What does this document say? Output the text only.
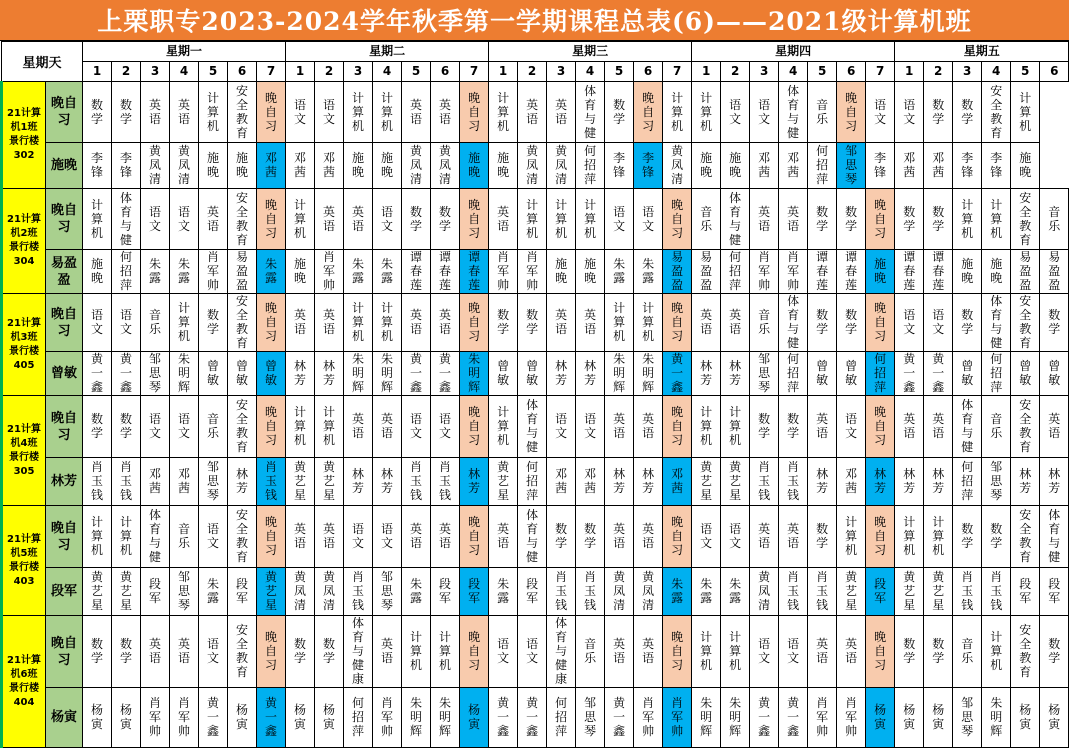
上栗职专2023-2024学年秋季第一学期课程总表(6)——2021级计算机班
星期天		星期一							星期二							星期三							星期四							星期五					
		1	2	3	4	5	6	7	1	2	3	4	5	6	7	1	2	3	4	5	6	7	1	2	3	4	5	6	7	1	2	3	4	5	6

21计算机1班
景行楼302	晚自习	数学	数学	英语	英语	计算机	安全教育	晚自习	语文	语文	计算机	计算机	英语	英语	晚自习	计算机	英语	英语	体育与健	数学	晚自习	计算机	计算机	语文	语文	体育与健	音乐	晚自习	语文	语文	数学	数学	安全教育	计算机	
	施晚	李锋	李锋	黄凤清	黄凤清	施晚	施晚	邓茜	邓茜	邓茜	施晚	施晚	黄凤清	黄凤清	施晚	施晚	黄凤清	黄凤清	何招萍	李锋	李锋	黄凤清	施晚	施晚	邓茜	邓茜	何招萍	邹思琴	李锋	邓茜	邓茜	李锋	李锋	施晚	

21计算机2班
景行楼304	晚自习	计算机	体育与健	语文	语文	英语	安全教育	晚自习	计算机	英语	英语	语文	数学	数学	晚自习	英语	计算机	计算机	计算机	语文	语文	晚自习	音乐	体育与健	英语	英语	数学	数学	晚自习	数学	数学	计算机	计算机	安全教育	音乐
	易盈盈	施晚	何招萍	朱露	朱露	肖军帅	易盈盈	朱露	施晚	肖军帅	朱露	朱露	谭春莲	谭春莲	谭春莲	肖军帅	肖军帅	施晚	施晚	朱露	朱露	易盈盈	易盈盈	何招萍	肖军帅	肖军帅	谭春莲	谭春莲	施晚	谭春莲	谭春莲	施晚	施晚	易盈盈	易盈盈

21计算机3班
景行楼405	晚自习	语文	语文	音乐	计算机	数学	安全教育	晚自习	英语	英语	计算机	计算机	英语	英语	晚自习	数学	数学	英语	英语	计算机	计算机	晚自习	英语	英语	音乐	体育与健	数学	数学	晚自习	语文	语文	数学	体育与健	安全教育	数学
	曾敏	黄一鑫	黄一鑫	邹思琴	朱明辉	曾敏	曾敏	曾敏	林芳	林芳	朱明辉	朱明辉	黄一鑫	黄一鑫	朱明辉	曾敏	曾敏	林芳	林芳	朱明辉	朱明辉	黄一鑫	林芳	林芳	邹思琴	何招萍	曾敏	曾敏	何招萍	黄一鑫	黄一鑫	曾敏	何招萍	曾敏	曾敏

21计算机4班
景行楼305	晚自习	数学	数学	语文	语文	音乐	安全教育	晚自习	计算机	计算机	英语	英语	语文	语文	晚自习	计算机	体育与健	语文	语文	英语	英语	晚自习	计算机	计算机	数学	数学	英语	语文	晚自习	英语	英语	体育与健	音乐	安全教育	英语
	林芳	肖玉钱	肖玉钱	邓茜	邓茜	邹思琴	林芳	肖玉钱	黄艺星	黄艺星	林芳	林芳	肖玉钱	肖玉钱	林芳	黄艺星	何招萍	邓茜	邓茜	林芳	林芳	邓茜	黄艺星	黄艺星	肖玉钱	肖玉钱	林芳	邓茜	林芳	林芳	林芳	何招萍	邹思琴	林芳	林芳

21计算机5班
景行楼403	晚自习	计算机	计算机	体育与健	音乐	语文	安全教育	晚自习	英语	英语	语文	语文	英语	英语	晚自习	英语	体育与健	数学	数学	英语	英语	晚自习	语文	语文	英语	英语	数学	计算机	晚自习	计算机	计算机	数学	数学	安全教育	体育与健
	段军	黄艺星	黄艺星	段军	邹思琴	朱露	段军	黄艺星	黄凤清	黄凤清	肖玉钱	邹思琴	朱露	段军	段军	朱露	段军	肖玉钱	肖玉钱	黄凤清	黄凤清	朱露	朱露	朱露	黄凤清	肖玉钱	肖玉钱	黄艺星	段军	黄艺星	黄艺星	肖玉钱	肖玉钱	段军	段军

21计算机6班
景行楼404	晚自习	数学	数学	英语	英语	语文	安全教育	晚自习	数学	数学	体育与健康	英语	计算机	计算机	晚自习	语文	语文	体育与健康	音乐	英语	英语	晚自习	计算机	计算机	语文	语文	英语	英语	晚自习	数学	数学	音乐	计算机	安全教育	数学
	杨寅	杨寅	杨寅	肖军帅	肖军帅	黄一鑫	杨寅	黄一鑫	杨寅	杨寅	何招萍	肖军帅	朱明辉	朱明辉	杨寅	黄一鑫	黄一鑫	何招萍	邹思琴	黄一鑫	肖军帅	肖军帅	朱明辉	朱明辉	黄一鑫	黄一鑫	肖军帅	肖军帅	杨寅	杨寅	杨寅	邹思琴	朱明辉	杨寅	杨寅
